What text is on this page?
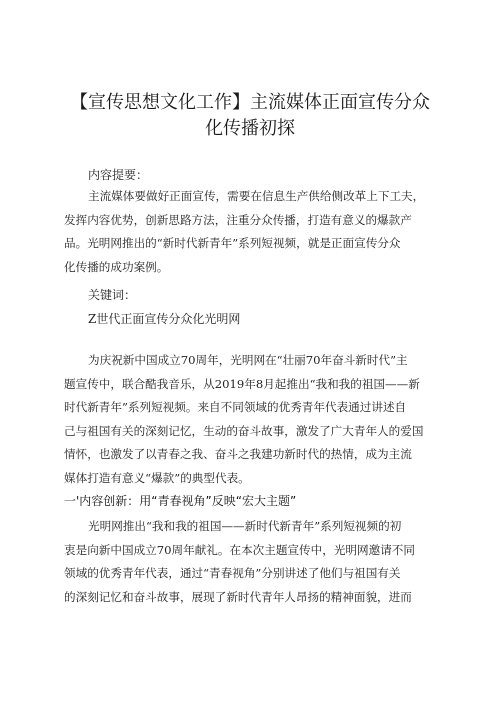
【宣传思想文化工作】主流媒体正面宣传分众
化传播初探
内容提要：
主流媒体要做好正面宣传，需要在信息生产供给侧改革上下工夫，
发挥内容优势，创新思路方法，注重分众传播，打造有意义的爆款产
品。光明网推出的“新时代新青年”系列短视频，就是正面宣传分众
化传播的成功案例。
关键词：
Z世代正面宣传分众化光明网
为庆祝新中国成立70周年，光明网在“壮丽70年奋斗新时代”主
题宣传中，联合酷我音乐，从2019年8月起推出“我和我的祖国——新
时代新青年”系列短视频。来自不同领域的优秀青年代表通过讲述自
己与祖国有关的深刻记忆，生动的奋斗故事，激发了广大青年人的爱国
情怀，也激发了以青春之我、奋斗之我建功新时代的热情，成为主流
媒体打造有意义“爆款”的典型代表。
一'内容创新：用“青春视角”反映“宏大主题”
光明网推出“我和我的祖国——新时代新青年”系列短视频的初
衷是向新中国成立70周年献礼。在本次主题宣传中，光明网邀请不同
领域的优秀青年代表，通过“青春视角”分别讲述了他们与祖国有关
的深刻记忆和奋斗故事，展现了新时代青年人昂扬的精神面貌，进而
